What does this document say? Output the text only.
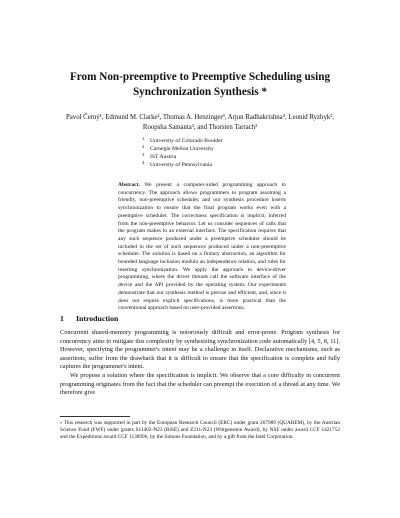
From Non-preemptive to Preemptive Scheduling using Synchronization Synthesis *
Pavol Černý¹, Edmund M. Clarke², Thomas A. Henzinger³, Arjun Radhakrishna⁴, Leonid Ryzhyk², Roopsha Samanta³, and Thorsten Tarrach³
1 University of Colorado Boulder
2 Carnegie Mellon University
3 IST Austria
4 University of Pennsylvania
Abstract. We present a computer-aided programming approach to concurrency. The approach allows programmers to program assuming a friendly, non-preemptive scheduler, and our synthesis procedure inserts synchronization to ensure that the final program works even with a preemptive scheduler. The correctness specification is implicit, inferred from the non-preemptive behavior. Let us consider sequences of calls that the program makes to an external interface. The specification requires that any such sequence produced under a preemptive scheduler should be included in the set of such sequences produced under a non-preemptive scheduler. The solution is based on a finitary abstraction, an algorithm for bounded language inclusion modulo an independence relation, and rules for inserting synchronization. We apply the approach to device-driver programming, where the driver threads call the software interface of the device and the API provided by the operating system. Our experiments demonstrate that our synthesis method is precise and efficient, and, since it does not require explicit specifications, is more practical than the conventional approach based on user-provided assertions.
1 Introduction

Concurrent shared-memory programming is notoriously difficult and error-prone. Program synthesis for concurrency aims to mitigate this complexity by synthesizing synchronization code automatically [4, 5, 8, 11]. However, specifying the programmer's intent may be a challenge in itself. Declarative mechanisms, such as assertions, suffer from the drawback that it is difficult to ensure that the specification is complete and fully captures the programmer's intent.

We propose a solution where the specification is implicit. We observe that a core difficulty in concurrent programming originates from the fact that the scheduler can preempt the execution of a thread at any time. We therefore give

* This research was supported in part by the European Research Council (ERC) under grant 267989 (QUAREM), by the Austrian Science Fund (FWF) under grants S11402-N23 (RiSE) and Z211-N23 (Wittgenstein Award), by NSF under award CCF 1421752 and the Expeditions award CCF 1138996, by the Simons Foundation, and by a gift from the Intel Corporation.
